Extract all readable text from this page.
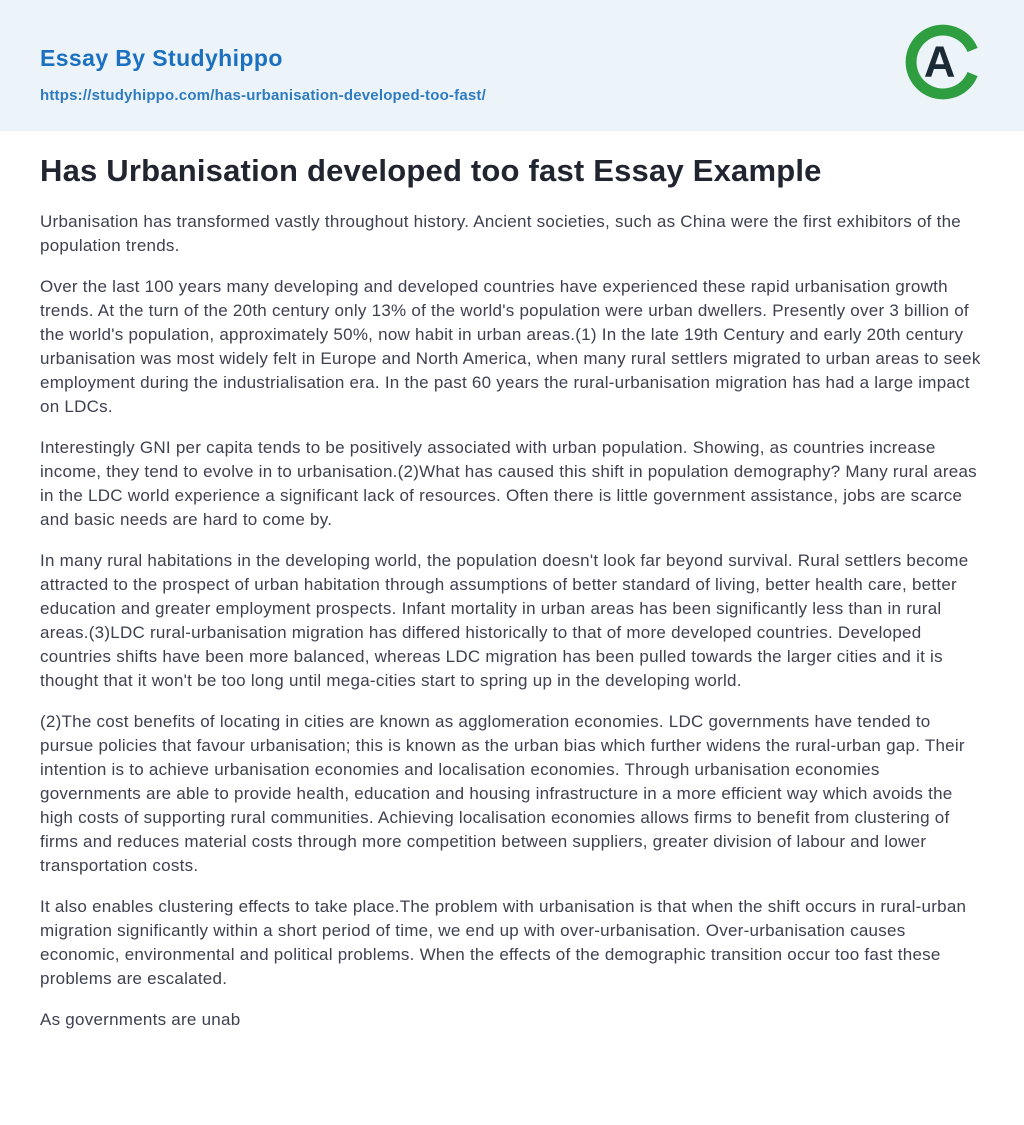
Essay By Studyhippo
https://studyhippo.com/has-urbanisation-developed-too-fast/
A
Has Urbanisation developed too fast Essay Example

Urbanisation has transformed vastly throughout history. Ancient societies, such as China were the first exhibitors of the population trends.

Over the last 100 years many developing and developed countries have experienced these rapid urbanisation growth trends. At the turn of the 20th century only 13% of the world's population were urban dwellers. Presently over 3 billion of the world's population, approximately 50%, now habit in urban areas.(1) In the late 19th Century and early 20th century urbanisation was most widely felt in Europe and North America, when many rural settlers migrated to urban areas to seek employment during the industrialisation era. In the past 60 years the rural-urbanisation migration has had a large impact on LDCs.

Interestingly GNI per capita tends to be positively associated with urban population. Showing, as countries increase income, they tend to evolve in to urbanisation.(2)What has caused this shift in population demography? Many rural areas in the LDC world experience a significant lack of resources. Often there is little government assistance, jobs are scarce and basic needs are hard to come by.

In many rural habitations in the developing world, the population doesn't look far beyond survival. Rural settlers become attracted to the prospect of urban habitation through assumptions of better standard of living, better health care, better education and greater employment prospects. Infant mortality in urban areas has been significantly less than in rural areas.(3)LDC rural-urbanisation migration has differed historically to that of more developed countries. Developed countries shifts have been more balanced, whereas LDC migration has been pulled towards the larger cities and it is thought that it won't be too long until mega-cities start to spring up in the developing world.

(2)The cost benefits of locating in cities are known as agglomeration economies. LDC governments have tended to pursue policies that favour urbanisation; this is known as the urban bias which further widens the rural-urban gap. Their intention is to achieve urbanisation economies and localisation economies. Through urbanisation economies governments are able to provide health, education and housing infrastructure in a more efficient way which avoids the high costs of supporting rural communities. Achieving localisation economies allows firms to benefit from clustering of firms and reduces material costs through more competition between suppliers, greater division of labour and lower transportation costs.

It also enables clustering effects to take place.The problem with urbanisation is that when the shift occurs in rural-urban migration significantly within a short period of time, we end up with over-urbanisation. Over-urbanisation causes economic, environmental and political problems. When the effects of the demographic transition occur too fast these problems are escalated.

As governments are unab
